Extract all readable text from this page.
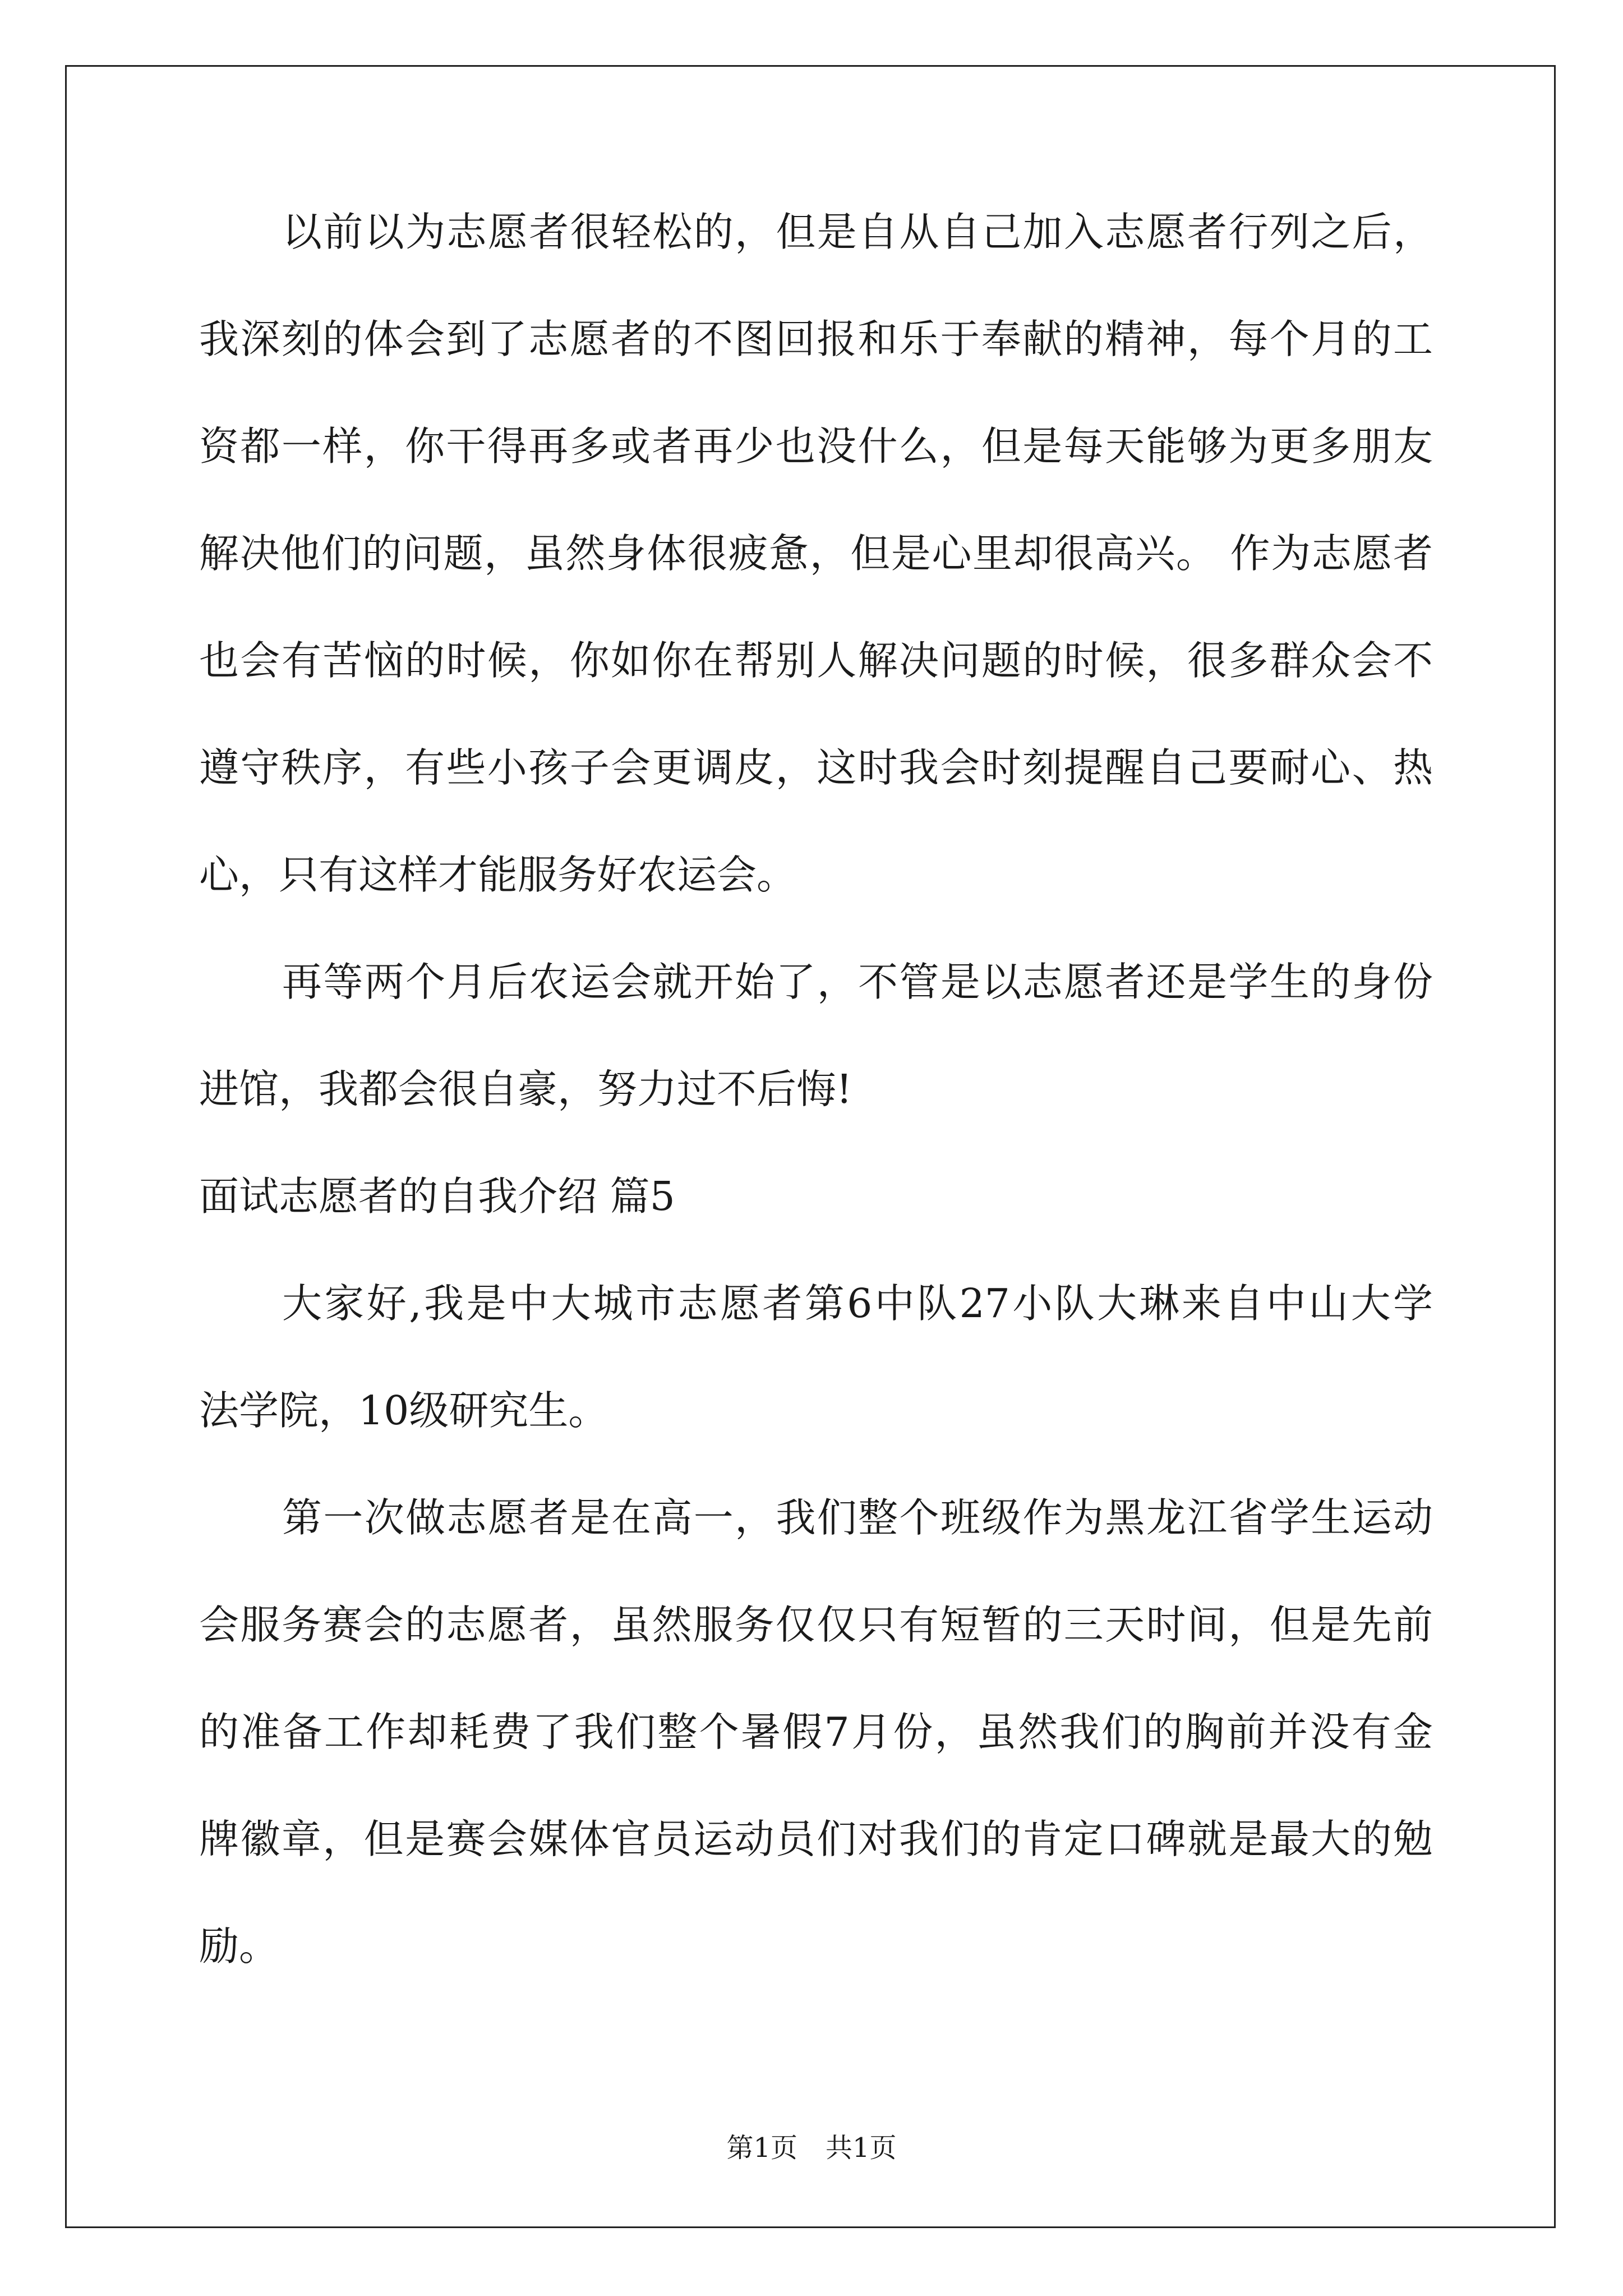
以前以为志愿者很轻松的，但是自从自己加入志愿者行列之后，

我深刻的体会到了志愿者的不图回报和乐于奉献的精神，每个月的工

资都一样，你干得再多或者再少也没什么，但是每天能够为更多朋友

解决他们的问题，虽然身体很疲惫，但是心里却很高兴。 作为志愿者

也会有苦恼的时候，你如你在帮别人解决问题的时候，很多群众会不

遵守秩序，有些小孩子会更调皮，这时我会时刻提醒自己要耐心、热

心，只有这样才能服务好农运会。

再等两个月后农运会就开始了，不管是以志愿者还是学生的身份

进馆，我都会很自豪，努力过不后悔!

面试志愿者的自我介绍 篇5

大家好,我是中大城市志愿者第6中队27小队大琳来自中山大学

法学院，10级研究生。

第一次做志愿者是在高一，我们整个班级作为黑龙江省学生运动

会服务赛会的志愿者，虽然服务仅仅只有短暂的三天时间，但是先前

的准备工作却耗费了我们整个暑假7月份，虽然我们的胸前并没有金

牌徽章，但是赛会媒体官员运动员们对我们的肯定口碑就是最大的勉

励。

第1页 共1页
